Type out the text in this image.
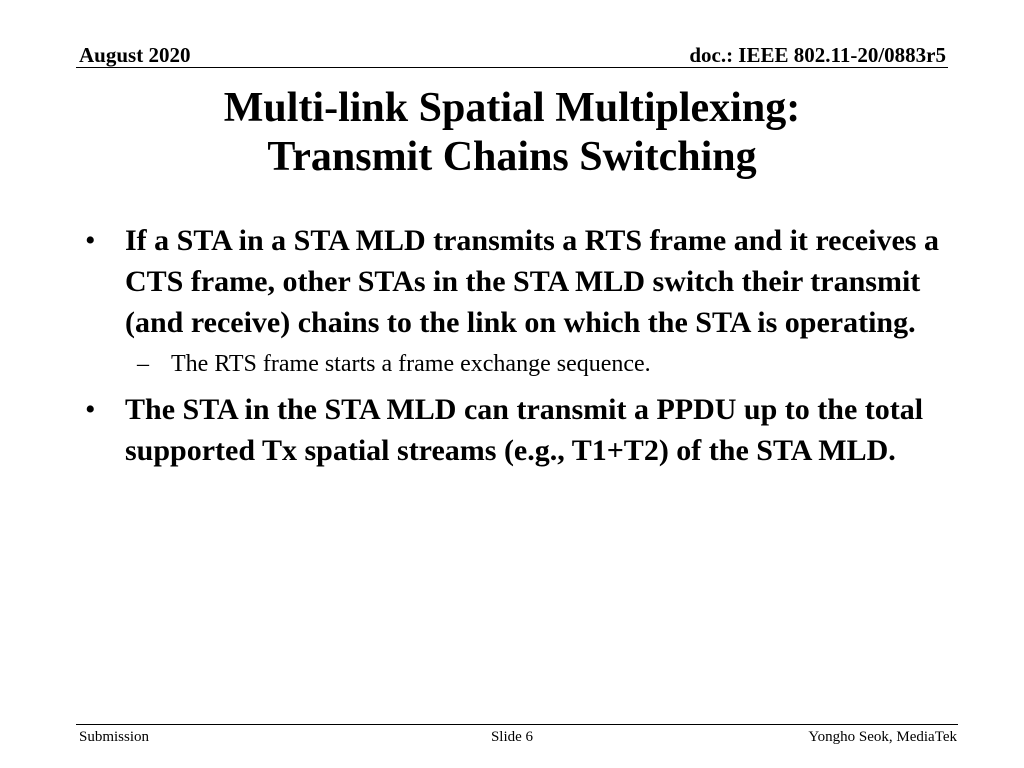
August 2020	doc.: IEEE 802.11-20/0883r5
Multi-link Spatial Multiplexing:
Transmit Chains Switching
• If a STA in a STA MLD transmits a RTS frame and it receives a CTS frame, other STAs in the STA MLD switch their transmit (and receive) chains to the link on which the STA is operating.
– The RTS frame starts a frame exchange sequence.
• The STA in the STA MLD can transmit a PPDU up to the total supported Tx spatial streams (e.g., T1+T2) of the STA MLD.
Submission	Slide 6	Yongho Seok, MediaTek
